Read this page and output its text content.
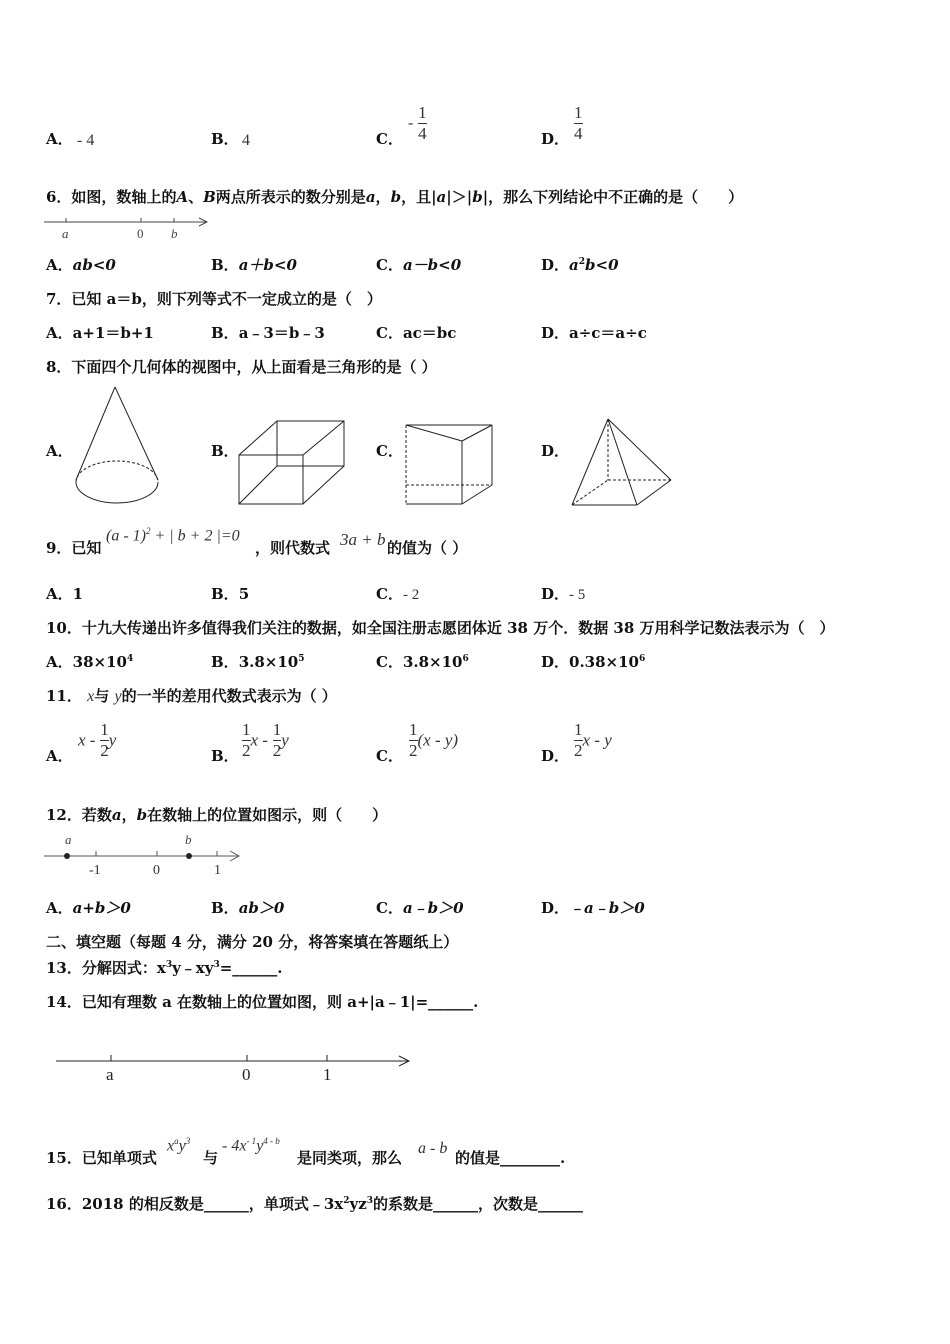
A． - 4	B． 4	C．
- $\frac{1}{4}$	D． $\frac{1}{4}$
6．如图，数轴上的A、B两点所表示的数分别是a，b，且|a|＞|b|，那么下列结论中不正确的是（　　）
a	0 b
A．ab<0	B．a＋b<0	C．a－b<0	D．$a^2b<0$
7．已知 a＝b，则下列等式不一定成立的是（　）
A．a+1＝b+1	B．a﹣3＝b﹣3	C．ac＝bc	D．a÷c＝a÷c
8．下面四个几何体的视图中，从上面看是三角形的是（ ）
A．	B．	C．	D．
9．已知
(a - 1)$^2$ + | b + 2 |=0
，则代数式 3a + b 的值为（ ）
A．1	B．5	C．- 2	D．- 5
10．十九大传递出许多值得我们关注的数据，如全国注册志愿团体近 38 万个．数据 38 万用科学记数法表示为（　）
A．$38\times 10^4$	B．$3.8\times 10^5$	C．$3.8\times 10^6$	D．$0.38\times 10^6$
11． x与 y的一半的差用代数式表示为（ ）
A．
x - $\frac{1}{2}$ y
B． $\frac{1}{2}$ x - $\frac{1}{2}$ y
C． $\frac{1}{2} (x - y)$
D． $\frac{1}{2}$ x - y
12．若数a，b在数轴上的位置如图示，则（　　）
a
-1	0
b
1
A．a+b＞0	B．ab＞0	C．a﹣b＞0	D．﹣a﹣b＞0
二、填空题（每题 4 分，满分 20 分，将答案填在答题纸上）
13．分解因式：$x^3y﹣xy^3=\_\_\_\_\_\_$.
14．已知有理数 a 在数轴上的位置如图，则 a+|a﹣1|=______.
a	0	1
15．已知单项式
$x^ay^3$
与
- $4x^{- 1}y^{4 - b}$
是同类项，那么
a - b
的值是________.
16．2018 的相反数是______，单项式$﹣3x^2yz^3$的系数是______，次数是______
